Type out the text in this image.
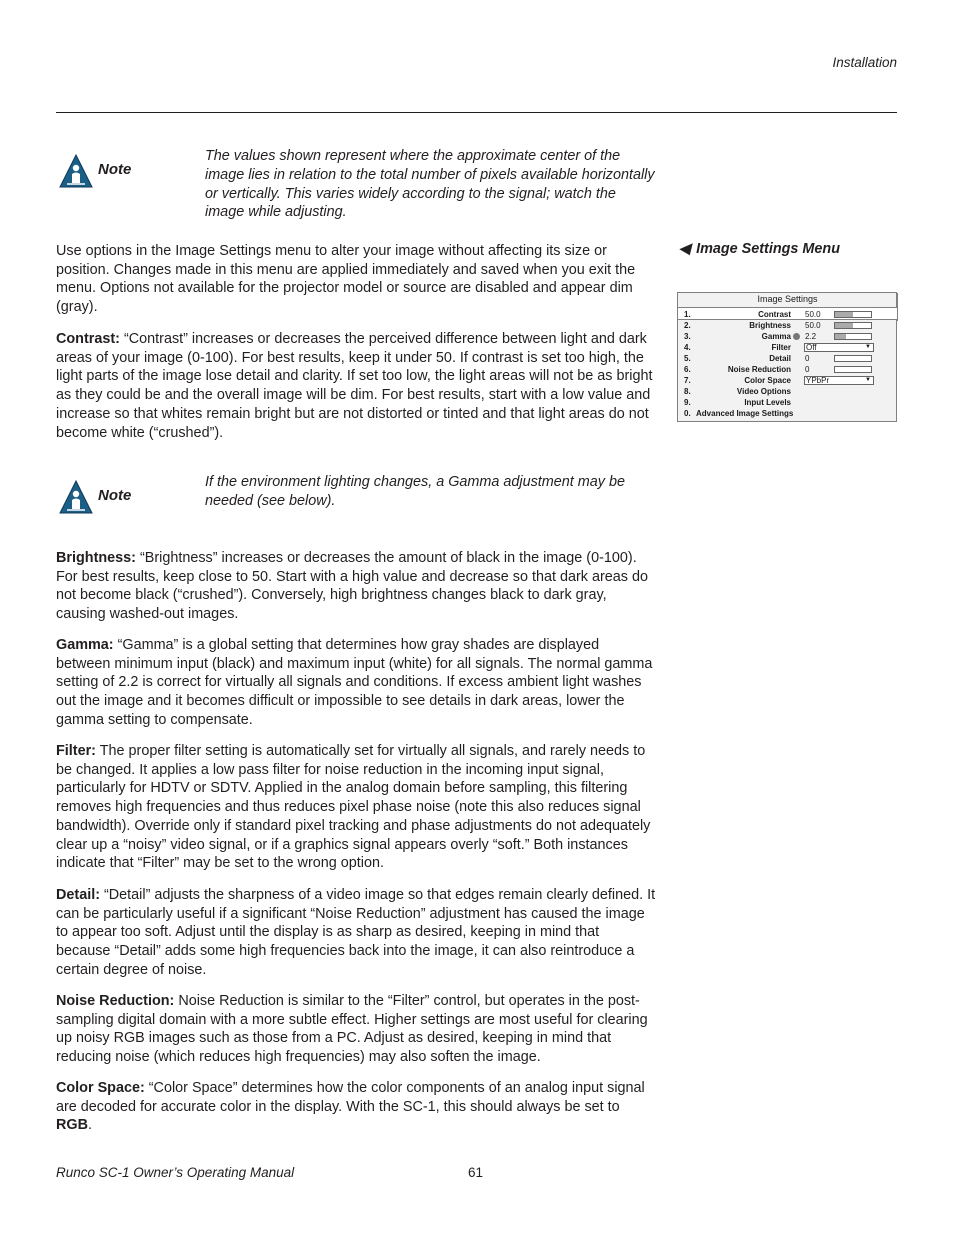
Installation
Note
The values shown represent where the approximate center of the image lies in relation to the total number of pixels available horizontally or vertically. This varies widely according to the signal; watch the image while adjusting.
Use options in the Image Settings menu to alter your image without affecting its size or position. Changes made in this menu are applied immediately and saved when you exit the menu. Options not available for the projector model or source are disabled and appear dim (gray).
Contrast: “Contrast” increases or decreases the perceived difference between light and dark areas of your image (0-100). For best results, keep it under 50. If contrast is set too high, the light parts of the image lose detail and clarity. If set too low, the light areas will not be as bright as they could be and the overall image will be dim. For best results, start with a low value and increase so that whites remain bright but are not distorted or tinted and that light areas do not become white (“crushed”).
◀ Image Settings Menu
Image Settings
1.	Contrast 50.0
2.	Brightness 50.0
3.	Gamma	2.2
4.	Filter Off	▼
5.	Detail 0
6.	Noise Reduction 0
7.	Color Space YPbPr	▼
8.	Video Options
9.	Input Levels
0. Advanced Image Settings
Note
If the environment lighting changes, a Gamma adjustment may be needed (see below).
Brightness: “Brightness” increases or decreases the amount of black in the image (0-100). For best results, keep close to 50. Start with a high value and decrease so that dark areas do not become black (“crushed”). Conversely, high brightness changes black to dark gray, causing washed-out images.
Gamma: “Gamma” is a global setting that determines how gray shades are displayed between minimum input (black) and maximum input (white) for all signals. The normal gamma setting of 2.2 is correct for virtually all signals and conditions. If excess ambient light washes out the image and it becomes difficult or impossible to see details in dark areas, lower the gamma setting to compensate.
Filter: The proper filter setting is automatically set for virtually all signals, and rarely needs to be changed. It applies a low pass filter for noise reduction in the incoming input signal, particularly for HDTV or SDTV. Applied in the analog domain before sampling, this filtering removes high frequencies and thus reduces pixel phase noise (note this also reduces signal bandwidth). Override only if standard pixel tracking and phase adjustments do not adequately clear up a “noisy” video signal, or if a graphics signal appears overly “soft.” Both instances indicate that “Filter” may be set to the wrong option.
Detail: “Detail” adjusts the sharpness of a video image so that edges remain clearly defined. It can be particularly useful if a significant “Noise Reduction” adjustment has caused the image to appear too soft. Adjust until the display is as sharp as desired, keeping in mind that because “Detail” adds some high frequencies back into the image, it can also reintroduce a certain degree of noise.
Noise Reduction: Noise Reduction is similar to the “Filter” control, but operates in the post-sampling digital domain with a more subtle effect. Higher settings are most useful for clearing up noisy RGB images such as those from a PC. Adjust as desired, keeping in mind that reducing noise (which reduces high frequencies) may also soften the image.
Color Space: “Color Space” determines how the color components of an analog input signal are decoded for accurate color in the display. With the SC-1, this should always be set to RGB.
Runco SC-1 Owner’s Operating Manual	61
